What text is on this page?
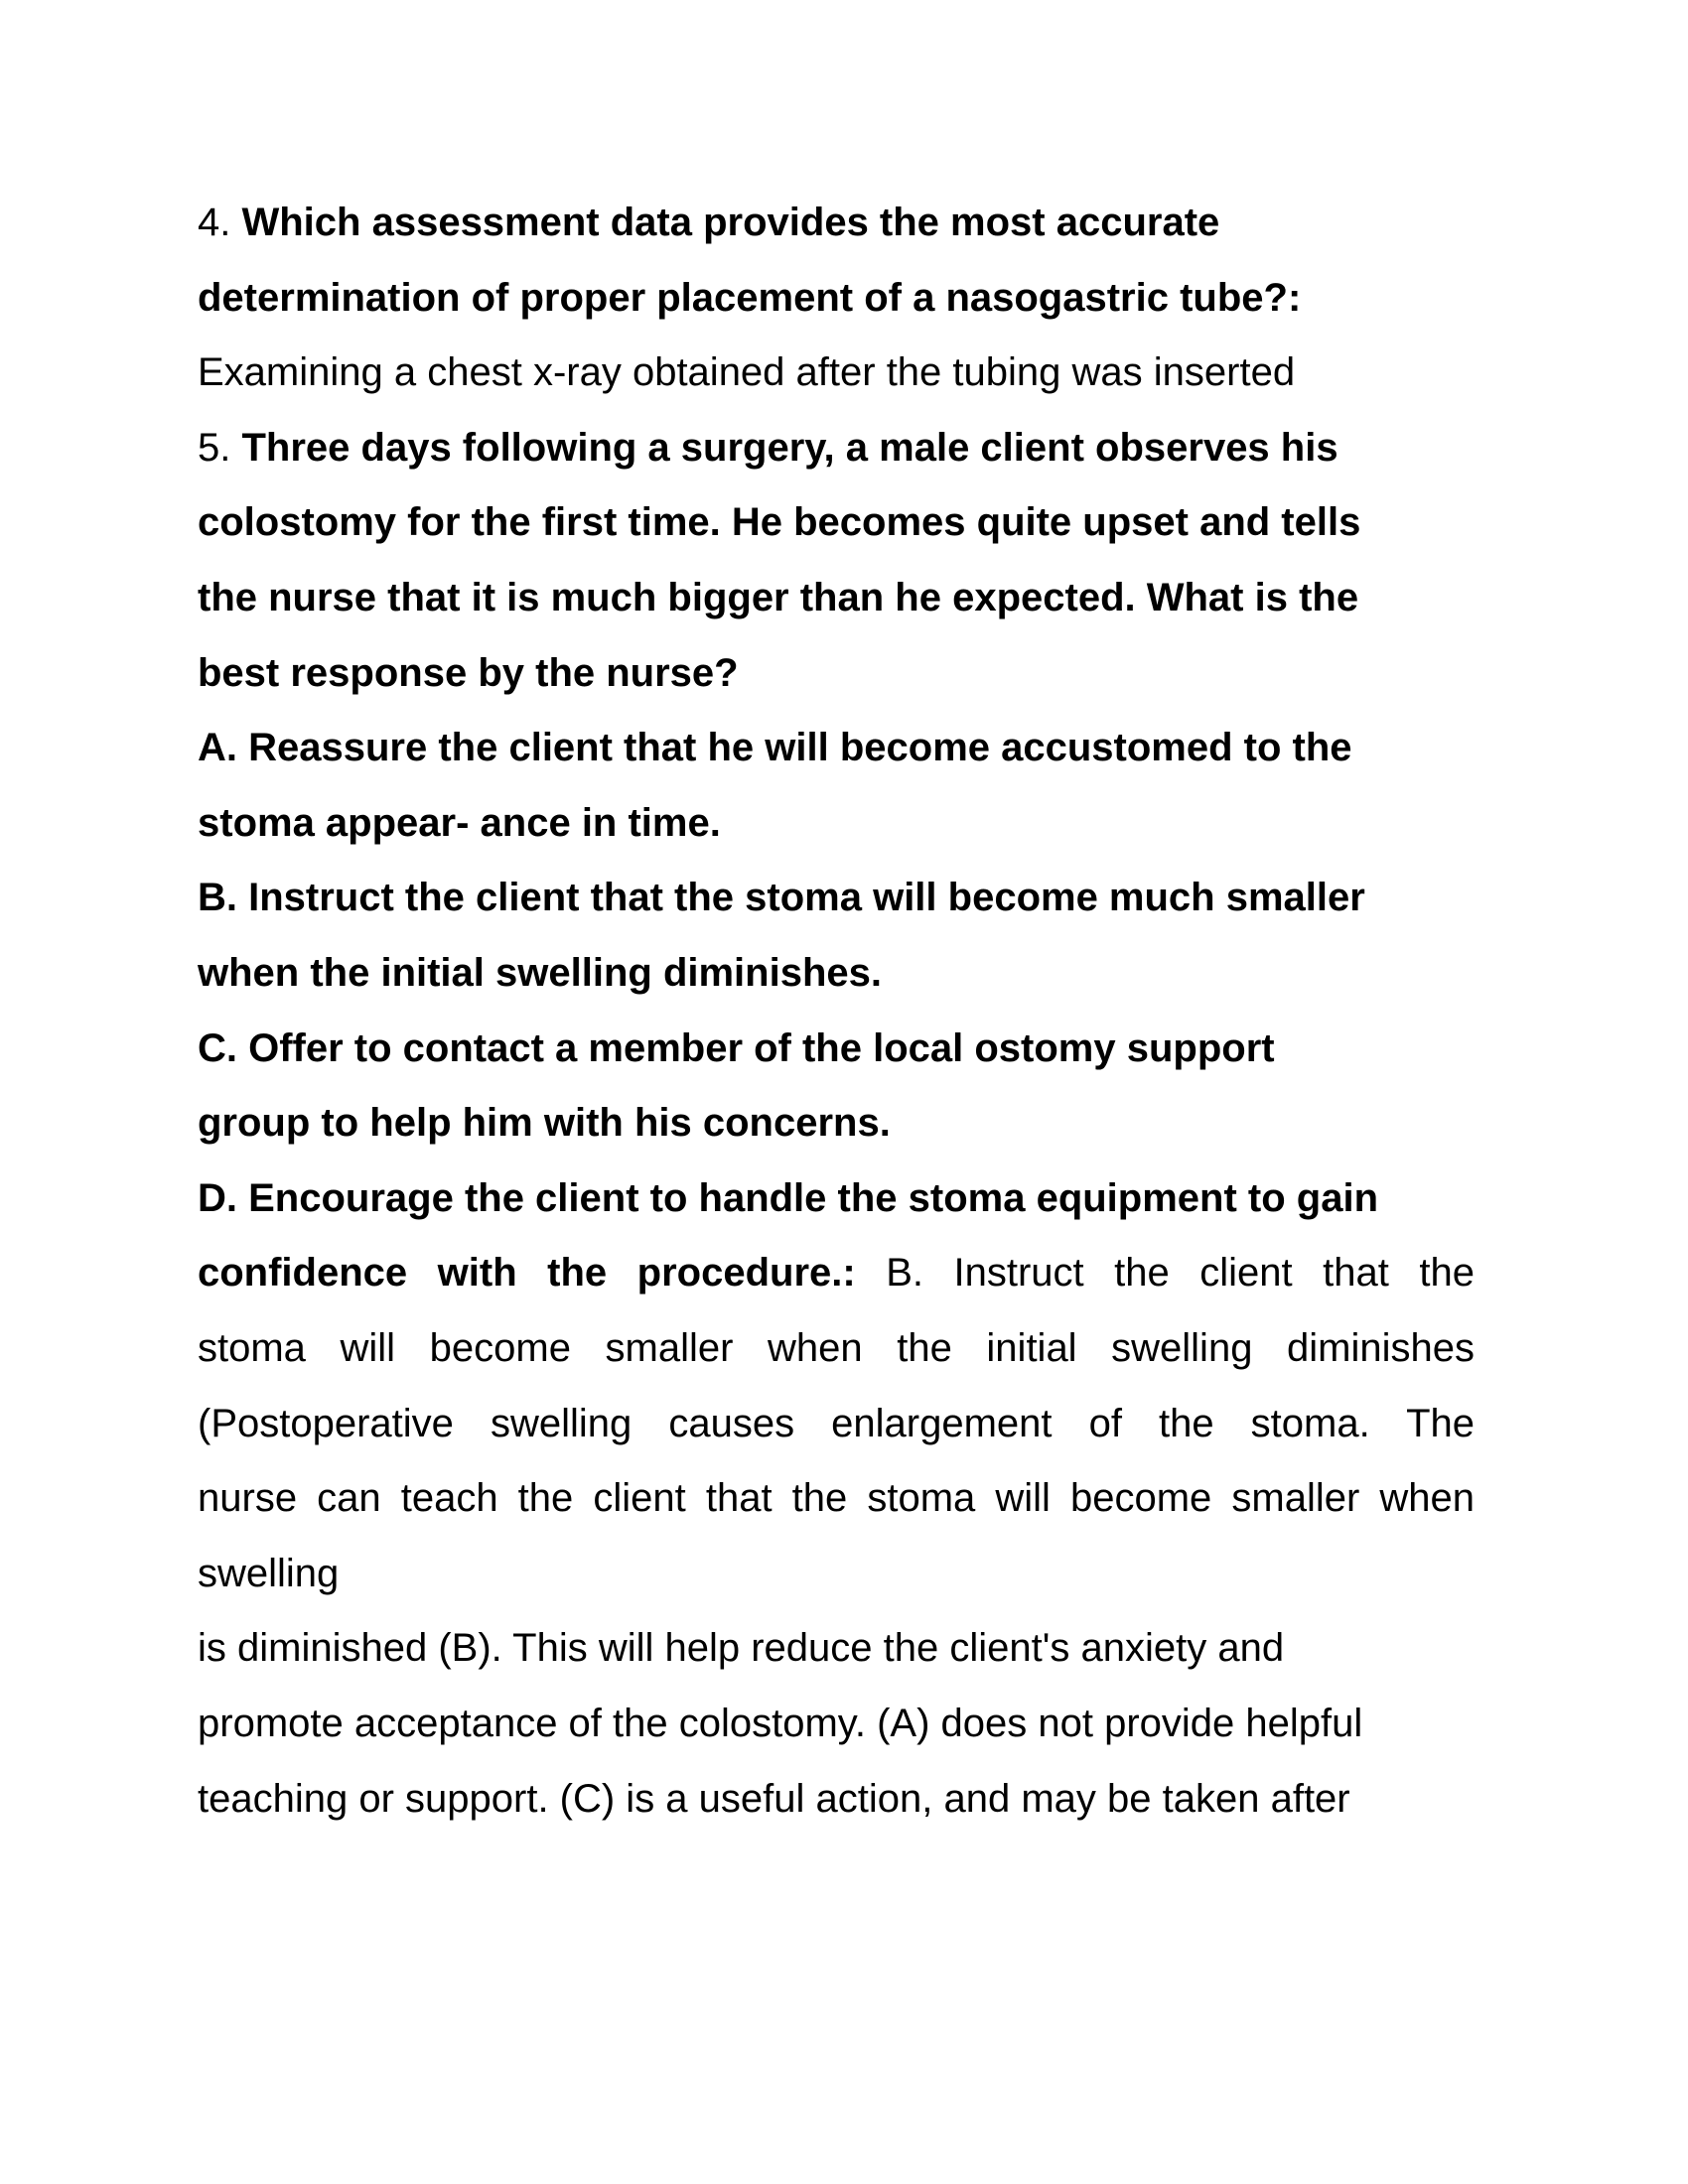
4. Which assessment data provides the most accurate
determination of proper placement of a nasogastric tube?:
Examining a chest x-ray obtained after the tubing was inserted
5. Three days following a surgery, a male client observes his
colostomy for the first time. He becomes quite upset and tells
the nurse that it is much bigger than he expected. What is the
best response by the nurse?
A. Reassure the client that he will become accustomed to the
stoma appear- ance in time.
B. Instruct the client that the stoma will become much smaller
when the initial swelling diminishes.
C. Offer to contact a member of the local ostomy support
group to help him with his concerns.
D. Encourage the client to handle the stoma equipment to gain
confidence with the procedure.: B. Instruct the client that the
stoma will become smaller when the initial swelling diminishes
(Postoperative swelling causes enlargement of the stoma. The
nurse can teach the client that the stoma will become smaller when
swelling
is diminished (B). This will help reduce the client's anxiety and
promote acceptance of the colostomy. (A) does not provide helpful
teaching or support. (C) is a useful action, and may be taken after
